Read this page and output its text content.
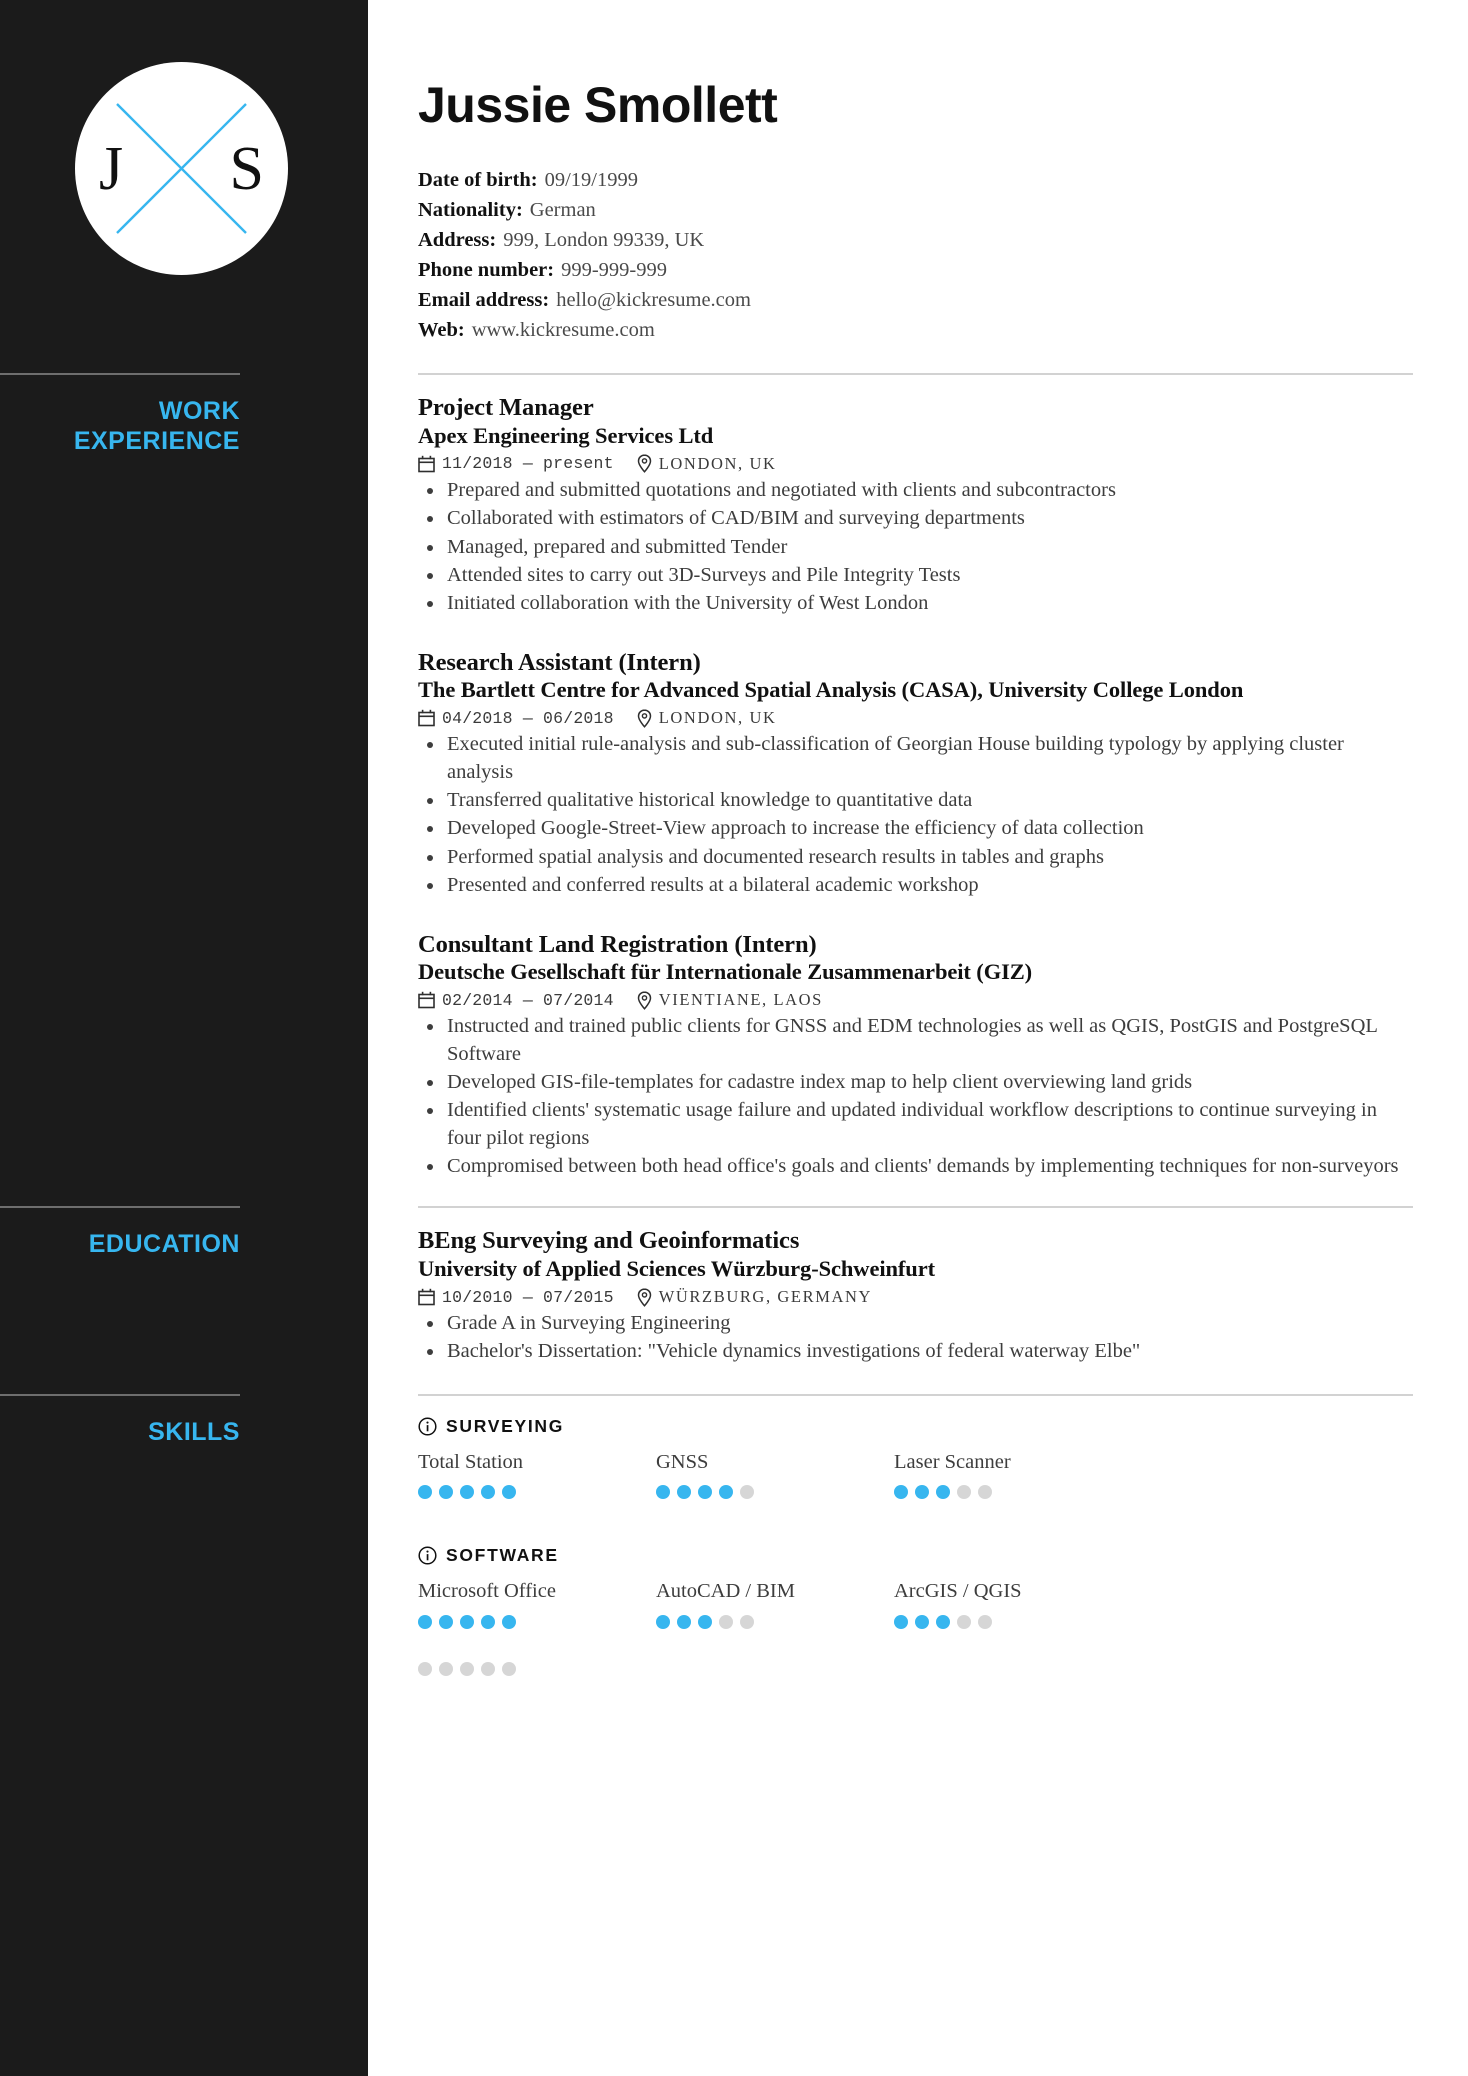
J S
WORK
EXPERIENCE
EDUCATION
SKILLS
Jussie Smollett
Date of birth: 09/19/1999
Nationality: German
Address: 999, London 99339, UK
Phone number: 999-999-999
Email address: hello@kickresume.com
Web: www.kickresume.com
Project Manager
Apex Engineering Services Ltd
11/2018 — present	LONDON, UK
Prepared and submitted quotations and negotiated with clients and subcontractors
Collaborated with estimators of CAD/BIM and surveying departments
Managed, prepared and submitted Tender
Attended sites to carry out 3D-Surveys and Pile Integrity Tests
Initiated collaboration with the University of West London
Research Assistant (Intern)
The Bartlett Centre for Advanced Spatial Analysis (CASA), University College London
04/2018 — 06/2018	LONDON, UK
Executed initial rule-analysis and sub-classification of Georgian House building typology by applying cluster analysis
Transferred qualitative historical knowledge to quantitative data
Developed Google-Street-View approach to increase the efficiency of data collection
Performed spatial analysis and documented research results in tables and graphs
Presented and conferred results at a bilateral academic workshop
Consultant Land Registration (Intern)
Deutsche Gesellschaft für Internationale Zusammenarbeit (GIZ)
02/2014 — 07/2014	VIENTIANE, LAOS
Instructed and trained public clients for GNSS and EDM technologies as well as QGIS, PostGIS and PostgreSQL Software
Developed GIS-file-templates for cadastre index map to help client overviewing land grids
Identified clients' systematic usage failure and updated individual workflow descriptions to continue surveying in four pilot regions
Compromised between both head office's goals and clients' demands by implementing techniques for non-surveyors
BEng Surveying and Geoinformatics
University of Applied Sciences Würzburg-Schweinfurt
10/2010 — 07/2015	WÜRZBURG, GERMANY
Grade A in Surveying Engineering
Bachelor's Dissertation: "Vehicle dynamics investigations of federal waterway Elbe"
SURVEYING
Total Station	GNSS	Laser Scanner
SOFTWARE
Microsoft Office	AutoCAD / BIM	ArcGIS / QGIS
